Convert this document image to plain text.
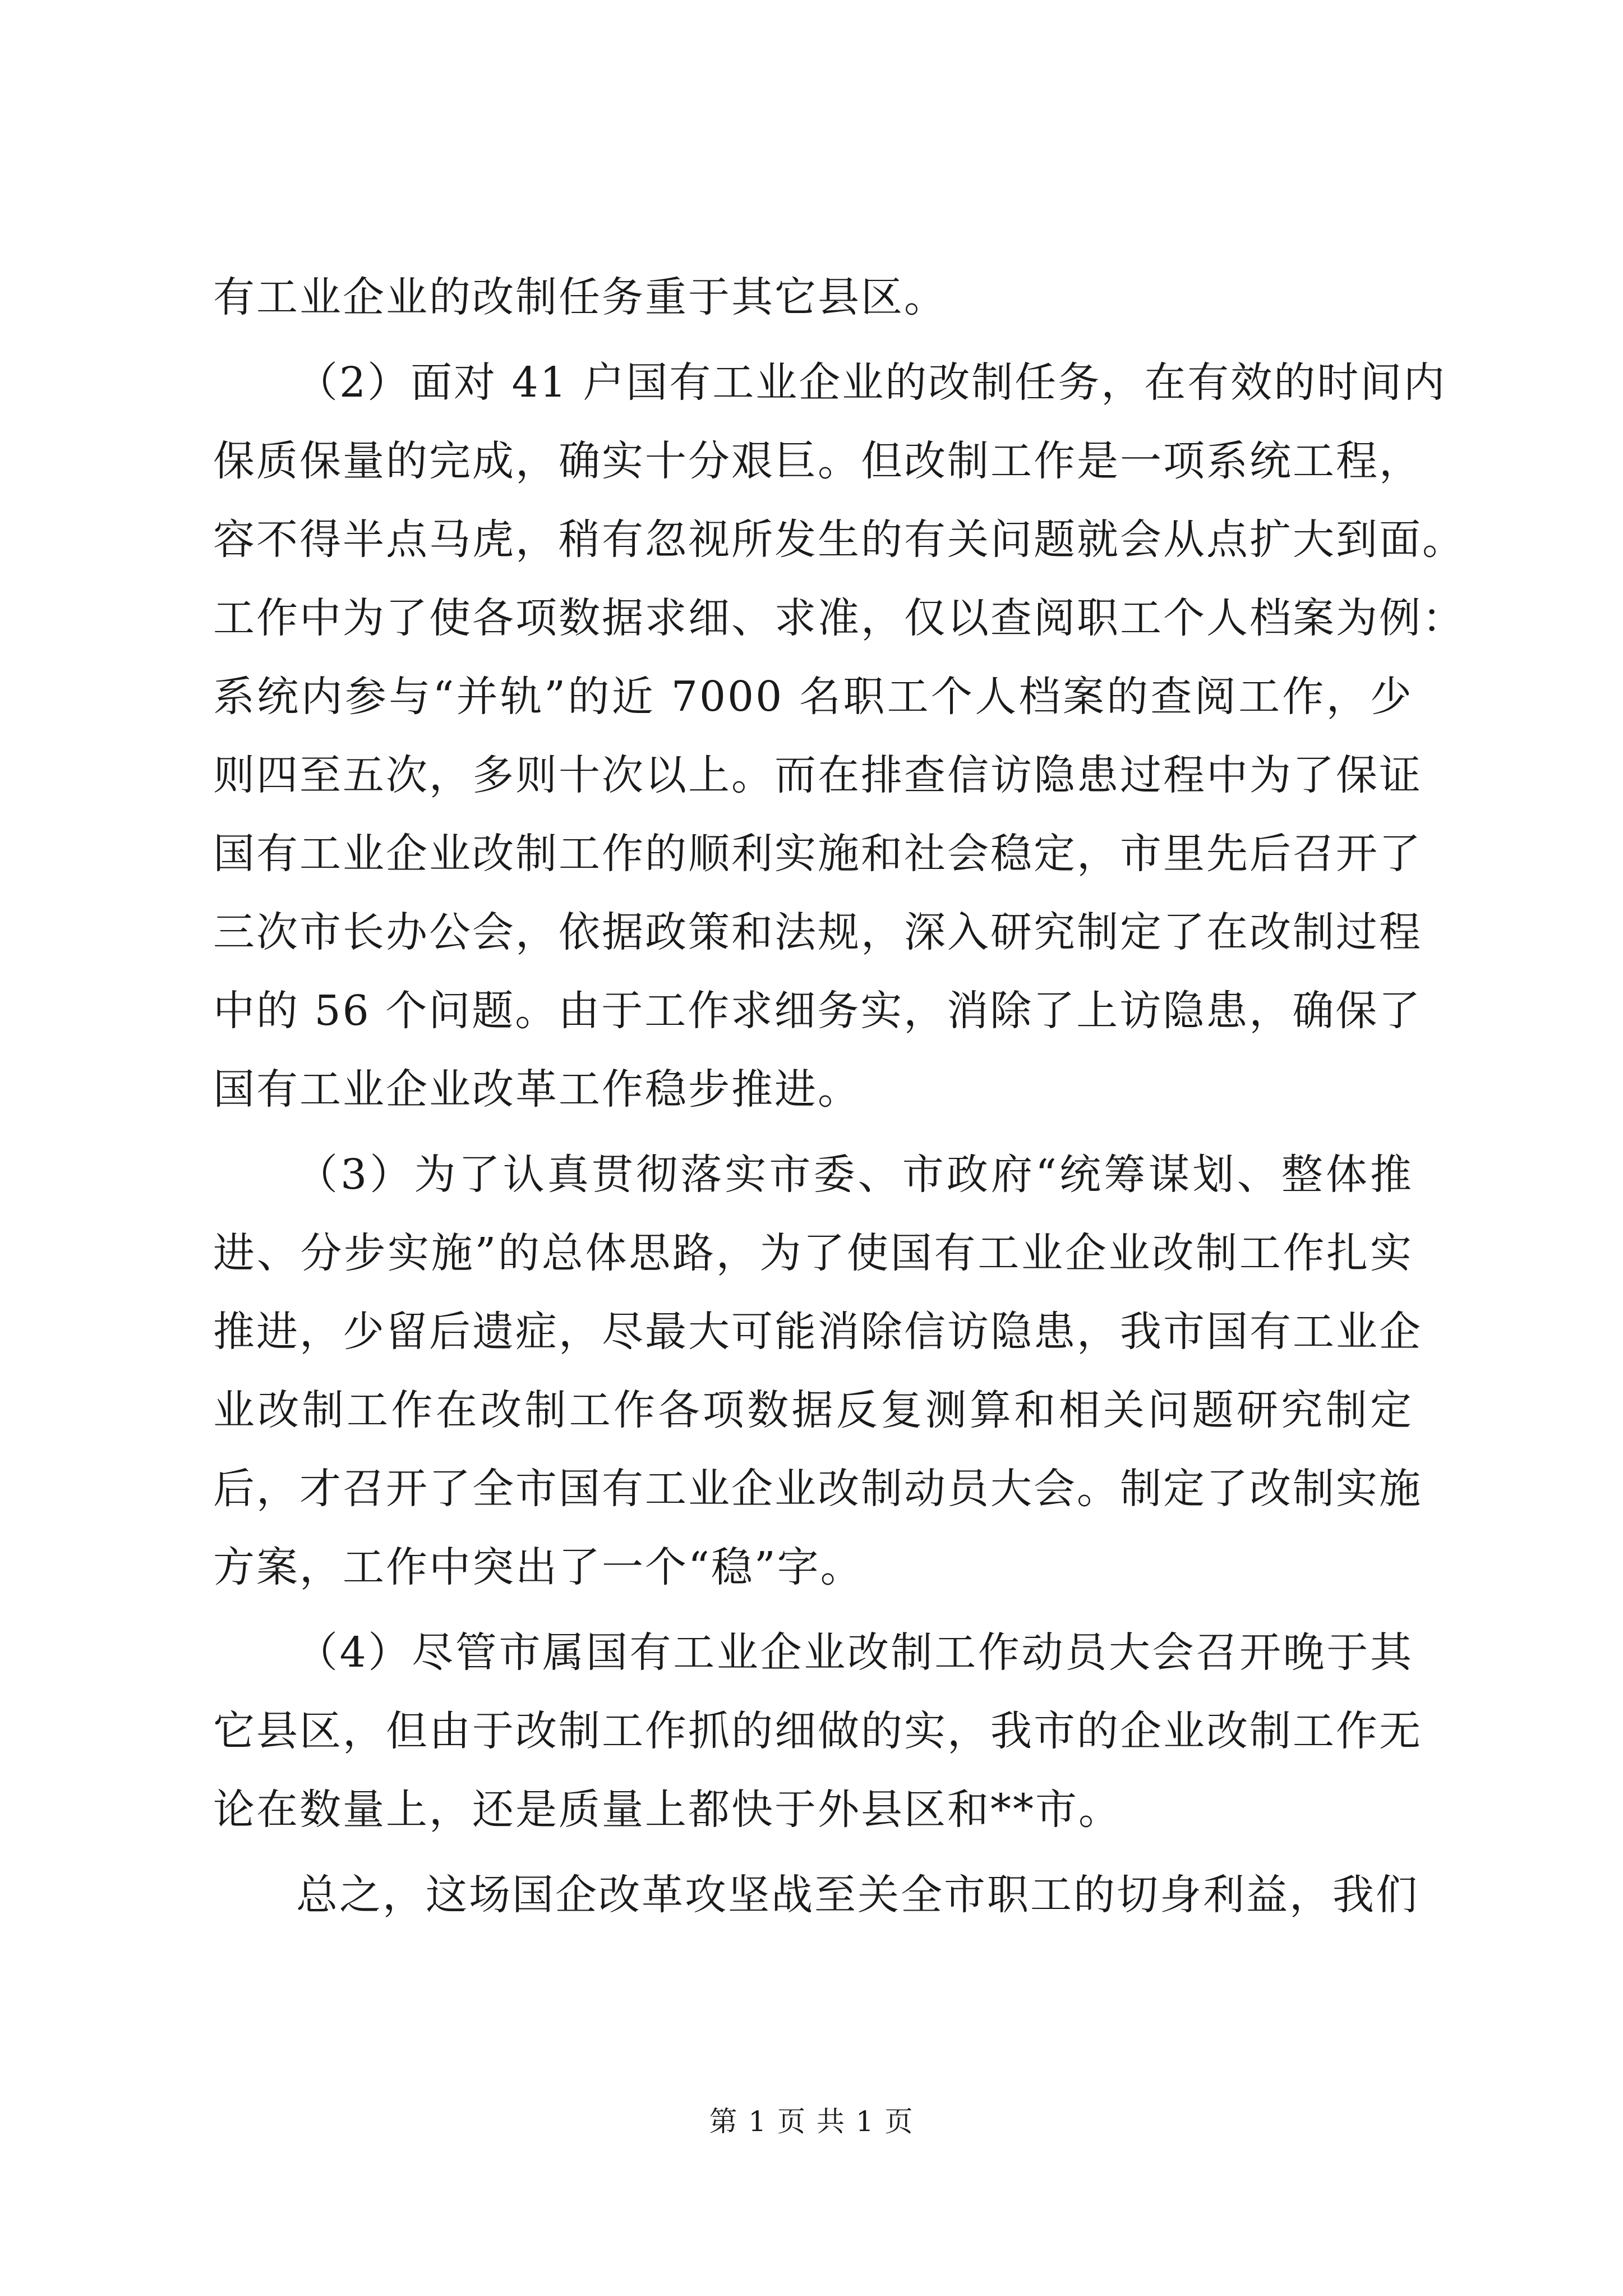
有工业企业的改制任务重于其它县区。
（2）面对 41 户国有工业企业的改制任务，在有效的时间内
保质保量的完成，确实十分艰巨。但改制工作是一项系统工程，
容不得半点马虎，稍有忽视所发生的有关问题就会从点扩大到面。
工作中为了使各项数据求细、求准，仅以查阅职工个人档案为例：
系统内参与“并轨”的近 7000 名职工个人档案的查阅工作，少
则四至五次，多则十次以上。而在排查信访隐患过程中为了保证
国有工业企业改制工作的顺利实施和社会稳定，市里先后召开了
三次市长办公会，依据政策和法规，深入研究制定了在改制过程
中的 56 个问题。由于工作求细务实，消除了上访隐患，确保了
国有工业企业改革工作稳步推进。
（3）为了认真贯彻落实市委、市政府“统筹谋划、整体推
进、分步实施”的总体思路，为了使国有工业企业改制工作扎实
推进，少留后遗症，尽最大可能消除信访隐患，我市国有工业企
业改制工作在改制工作各项数据反复测算和相关问题研究制定
后，才召开了全市国有工业企业改制动员大会。制定了改制实施
方案，工作中突出了一个“稳”字。
（4）尽管市属国有工业企业改制工作动员大会召开晚于其
它县区，但由于改制工作抓的细做的实，我市的企业改制工作无
论在数量上，还是质量上都快于外县区和**市。
总之，这场国企改革攻坚战至关全市职工的切身利益，我们
第 1 页 共 1 页
